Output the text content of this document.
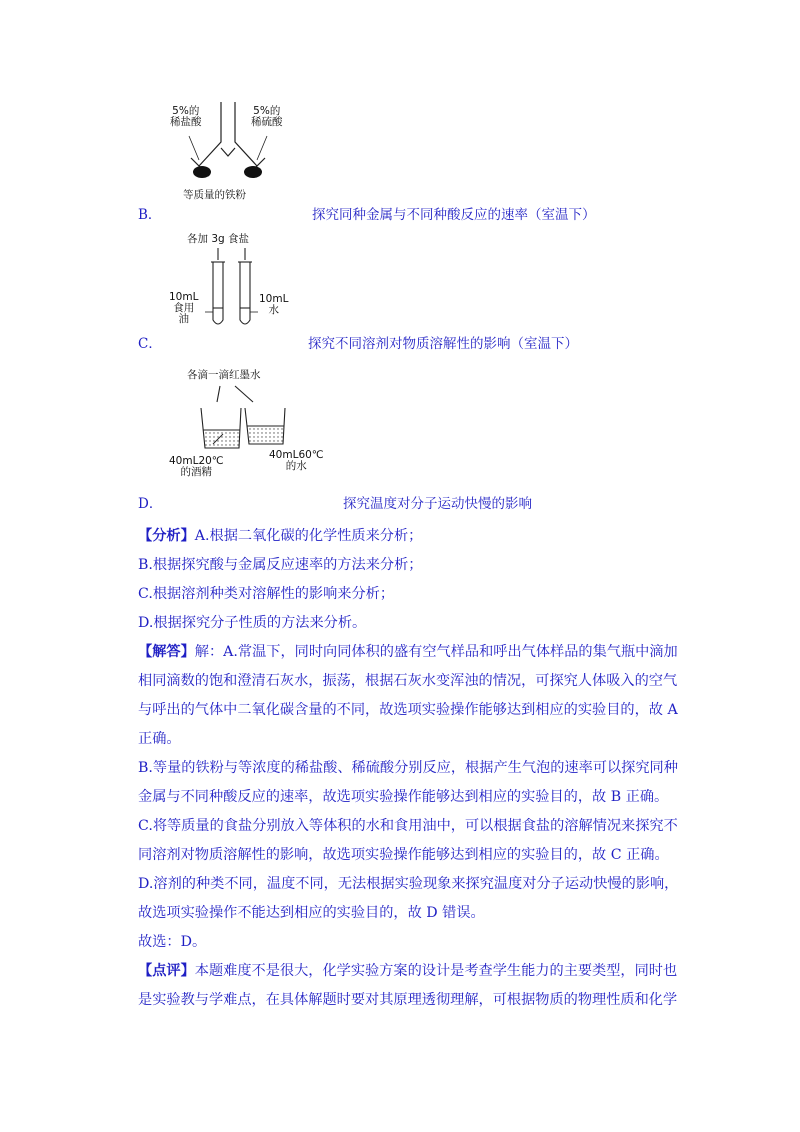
5%的
稀盐酸
5%的
稀硫酸
等质量的铁粉
B．	探究同种金属与不同种酸反应的速率（室温下）
各加 3g 食盐
10mL
食用
油
10mL
水
C．	探究不同溶剂对物质溶解性的影响（室温下）
各滴一滴红墨水
40mL20℃
的酒精
40mL60℃
的水
D．	探究温度对分子运动快慢的影响
【分析】A.根据二氧化碳的化学性质来分析；
B.根据探究酸与金属反应速率的方法来分析；
C.根据溶剂种类对溶解性的影响来分析；
D.根据探究分子性质的方法来分析。
【解答】解：A.常温下，同时向同体积的盛有空气样品和呼出气体样品的集气瓶中滴加
相同滴数的饱和澄清石灰水，振荡，根据石灰水变浑浊的情况，可探究人体吸入的空气
与呼出的气体中二氧化碳含量的不同，故选项实验操作能够达到相应的实验目的，故 A
正确。
B.等量的铁粉与等浓度的稀盐酸、稀硫酸分别反应，根据产生气泡的速率可以探究同种
金属与不同种酸反应的速率，故选项实验操作能够达到相应的实验目的，故 B 正确。
C.将等质量的食盐分别放入等体积的水和食用油中，可以根据食盐的溶解情况来探究不
同溶剂对物质溶解性的影响，故选项实验操作能够达到相应的实验目的，故 C 正确。
D.溶剂的种类不同，温度不同，无法根据实验现象来探究温度对分子运动快慢的影响，
故选项实验操作不能达到相应的实验目的，故 D 错误。
故选：D。
【点评】本题难度不是很大，化学实验方案的设计是考查学生能力的主要类型，同时也
是实验教与学难点，在具体解题时要对其原理透彻理解，可根据物质的物理性质和化学
